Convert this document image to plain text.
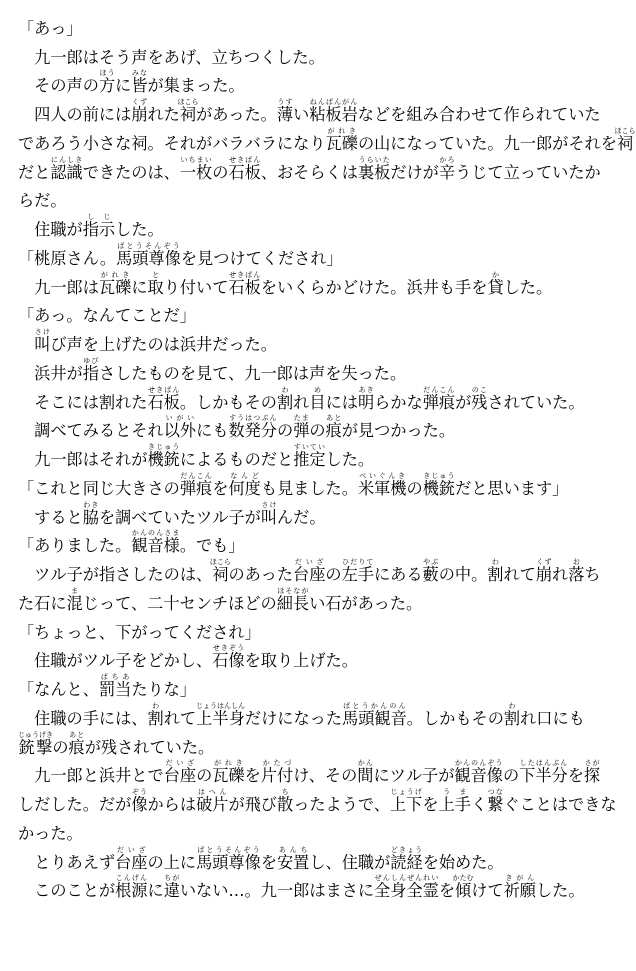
「あっ」
　九一郎はそう声をあげ、立ちつくした。
　その声の方ほうに皆みなが集まった。
　四人の前には崩くずれた祠ほこらがあった。薄うすい粘板岩ねんばんがんなどを組み合わせて作られていた
であろう小さな祠。それがバラバラになり瓦礫がれきの山になっていた。九一郎がそれを祠ほこら
だと認識にんしきできたのは、一枚いちまいの石板せきばん、おそらくは裏板うらいただけが辛かろうじて立っていたか
らだ。
　住職が指示しじした。
「桃原さん。馬頭尊像ばとうそんぞうを見つけてくだされ」
　九一郎は瓦礫がれきに取とり付いて石板せきばんをいくらかどけた。浜井も手を貸かした。
「あっ。なんてことだ」
　叫さけび声を上げたのは浜井だった。
　浜井が指ゆびさしたものを見て、九一郎は声を失った。
　そこには割れた石板せきばん。しかもその割われ目めには明あきらかな弾痕だんこんが残のこされていた。
　調べてみるとそれ以外いがいにも数発分すうはつぶんの弾たまの痕あとが見つかった。
　九一郎はそれが機銃きじゅうによるものだと推定すいていした。
「これと同じ大きさの弾痕だんこんを何度なんども見ました。米軍機べいぐんきの機銃きじゅうだと思います」
　すると脇わきを調べていたツル子が叫さけんだ。
「ありました。観音様かんのんさま。でも」
　ツル子が指さしたのは、祠ほこらのあった台座だいざの左手ひだりてにある藪やぶの中。割われて崩くずれ落おち
た石に混まじって、二十センチほどの細長ほそながい石があった。
「ちょっと、下がってくだされ」
　住職がツル子をどかし、石像せきぞうを取り上げた。
「なんと、罰当ばちあたりな」
　住職の手には、割われて上半身じょうはんしんだけになった馬頭観音ばとうかんのん。しかもその割われ口にも
銃撃じゅうげきの痕あとが残されていた。
　九一郎と浜井とで台座だいざの瓦礫がれきを片付かたづけ、その間かんにツル子が観音像かんのんぞうの下半分したはんぶんを探さが
しだした。だが像ぞうからは破片はへんが飛び散ちったようで、上下じょうげを上手うまく繋つなぐことはできな
かった。
　とりあえず台座だいざの上に馬頭尊像ばとうそんぞうを安置あんちし、住職が読経どきょうを始めた。
　このことが根源こんげんに違ちがいない…。九一郎はまさに全身全霊ぜんしんぜんれいを傾かたむけて祈願きがんした。
